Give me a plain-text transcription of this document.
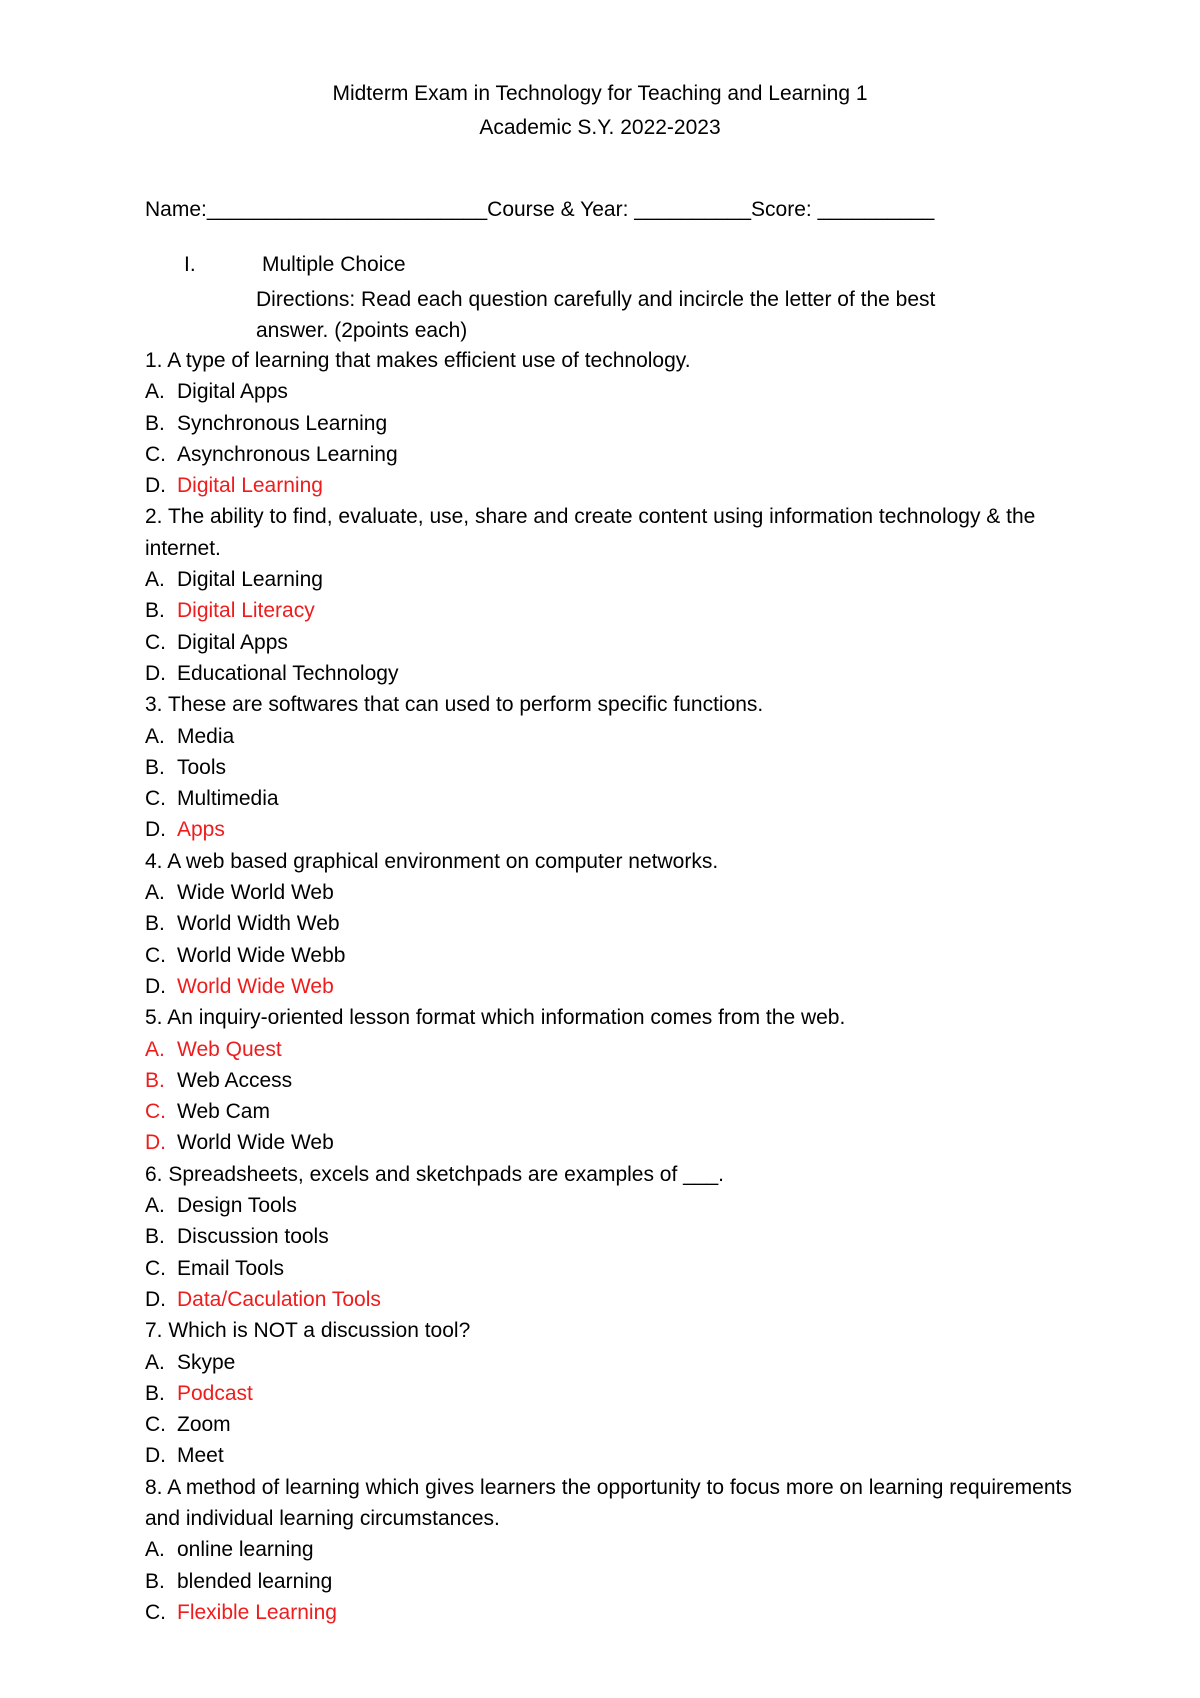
Midterm Exam in Technology for Teaching and Learning 1
Academic S.Y. 2022-2023
Name:________________________Course & Year: __________Score: __________
I.	Multiple Choice
Directions: Read each question carefully and incircle the letter of the best
answer. (2points each)
1. A type of learning that makes efficient use of technology.
A. Digital Apps
B. Synchronous Learning
C. Asynchronous Learning
D. Digital Learning
2. The ability to find, evaluate, use, share and create content using information technology & the internet.
A. Digital Learning
B. Digital Literacy
C. Digital Apps
D. Educational Technology
3. These are softwares that can used to perform specific functions.
A. Media
B. Tools
C. Multimedia
D. Apps
4. A web based graphical environment on computer networks.
A. Wide World Web
B. World Width Web
C. World Wide Webb
D. World Wide Web
5. An inquiry-oriented lesson format which information comes from the web.
A. Web Quest
B. Web Access
C. Web Cam
D. World Wide Web
6. Spreadsheets, excels and sketchpads are examples of ___.
A. Design Tools
B. Discussion tools
C. Email Tools
D. Data/Caculation Tools
7. Which is NOT a discussion tool?
A. Skype
B. Podcast
C. Zoom
D. Meet
8. A method of learning which gives learners the opportunity to focus more on learning requirements and individual learning circumstances.
A. online learning
B. blended learning
C. Flexible Learning
